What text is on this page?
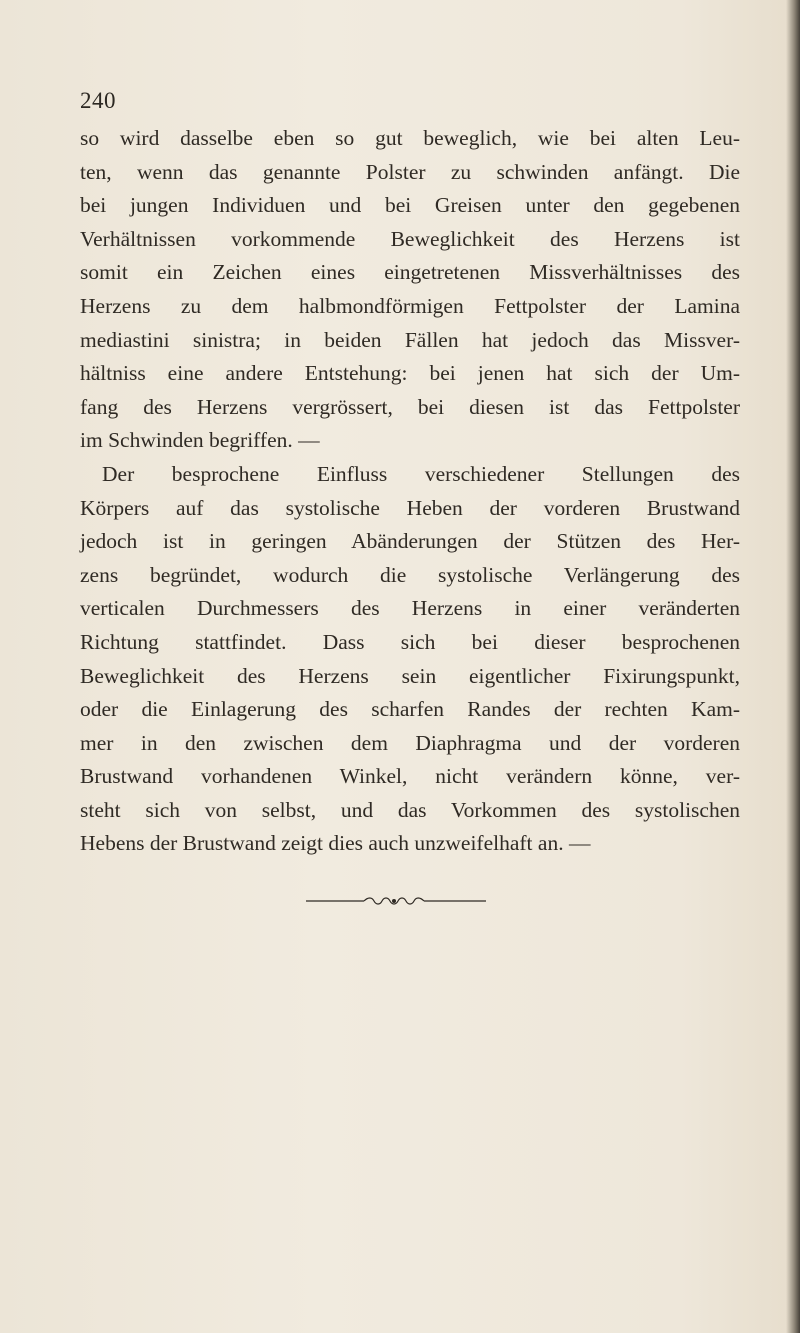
240
so wird dasselbe eben so gut beweglich, wie bei alten Leu-
ten, wenn das genannte Polster zu schwinden anfängt. Die
bei jungen Individuen und bei Greisen unter den gegebenen
Verhältnissen vorkommende Beweglichkeit des Herzens ist
somit ein Zeichen eines eingetretenen Missverhältnisses des
Herzens zu dem halbmondförmigen Fettpolster der Lamina
mediastini sinistra; in beiden Fällen hat jedoch das Missver-
hältniss eine andere Entstehung: bei jenen hat sich der Um-
fang des Herzens vergrössert, bei diesen ist das Fettpolster
im Schwinden begriffen. —
Der besprochene Einfluss verschiedener Stellungen des
Körpers auf das systolische Heben der vorderen Brustwand
jedoch ist in geringen Abänderungen der Stützen des Her-
zens begründet, wodurch die systolische Verlängerung des
verticalen Durchmessers des Herzens in einer veränderten
Richtung stattfindet. Dass sich bei dieser besprochenen
Beweglichkeit des Herzens sein eigentlicher Fixirungspunkt,
oder die Einlagerung des scharfen Randes der rechten Kam-
mer in den zwischen dem Diaphragma und der vorderen
Brustwand vorhandenen Winkel, nicht verändern könne, ver-
steht sich von selbst, und das Vorkommen des systolischen
Hebens der Brustwand zeigt dies auch unzweifelhaft an. —
